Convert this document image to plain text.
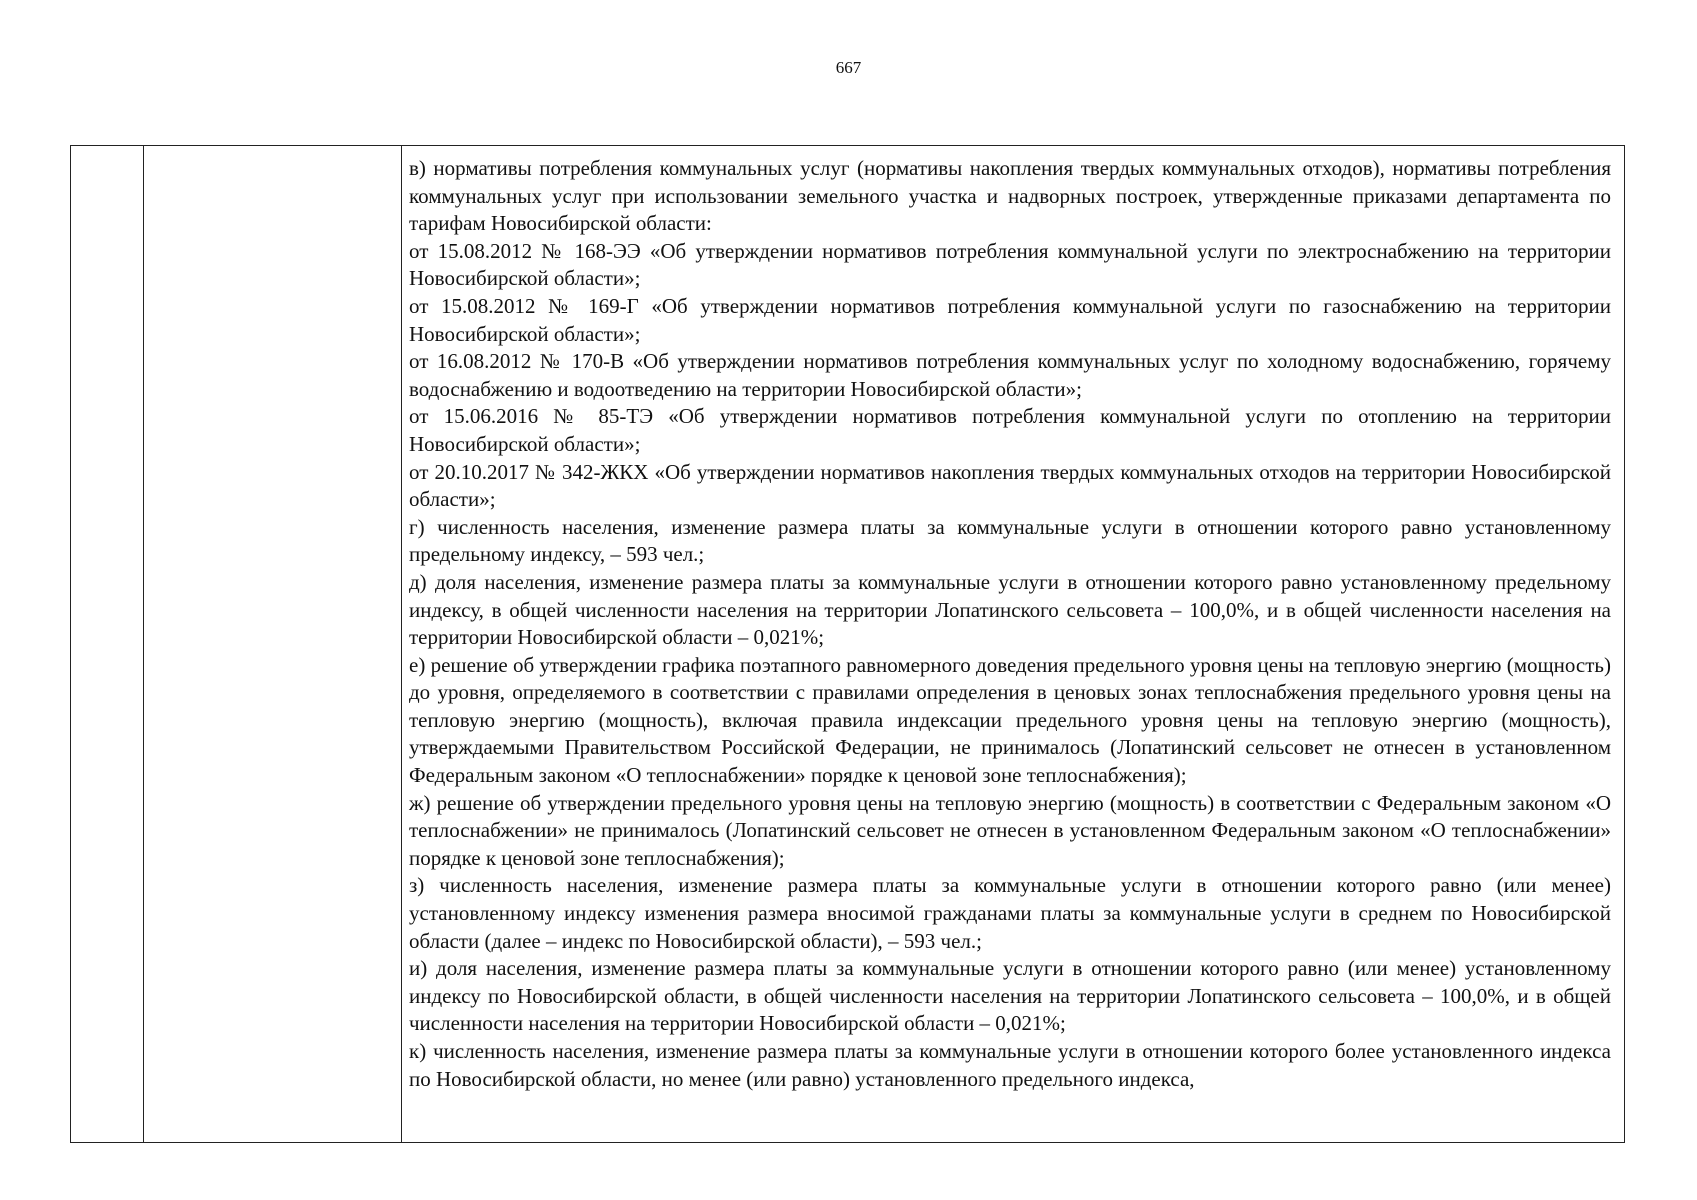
667

в) нормативы потребления коммунальных услуг (нормативы накопления твердых коммунальных отходов), нормативы потребления коммунальных услуг при использовании земельного участка и надворных построек, утвержденные приказами департамента по тарифам Новосибирской области:

от 15.08.2012 № 168-ЭЭ «Об утверждении нормативов потребления коммунальной услуги по электроснабжению на территории Новосибирской области»;

от 15.08.2012 № 169-Г «Об утверждении нормативов потребления коммунальной услуги по газоснабжению на территории Новосибирской области»;

от 16.08.2012 № 170-В «Об утверждении нормативов потребления коммунальных услуг по холодному водоснабжению, горячему водоснабжению и водоотведению на территории Новосибирской области»;

от 15.06.2016 № 85-ТЭ «Об утверждении нормативов потребления коммунальной услуги по отоплению на территории Новосибирской области»;

от 20.10.2017 № 342-ЖКХ «Об утверждении нормативов накопления твердых коммунальных отходов на территории Новосибирской области»;

г) численность населения, изменение размера платы за коммунальные услуги в отношении которого равно установленному предельному индексу, – 593 чел.;

д) доля населения, изменение размера платы за коммунальные услуги в отношении которого равно установленному предельному индексу, в общей численности населения на территории Лопатинского сельсовета – 100,0%, и в общей численности населения на территории Новосибирской области – 0,021%;

е) решение об утверждении графика поэтапного равномерного доведения предельного уровня цены на тепловую энергию (мощность) до уровня, определяемого в соответствии с правилами определения в ценовых зонах теплоснабжения предельного уровня цены на тепловую энергию (мощность), включая правила индексации предельного уровня цены на тепловую энергию (мощность), утверждаемыми Правительством Российской Федерации, не принималось (Лопатинский сельсовет не отнесен в установленном Федеральным законом «О теплоснабжении» порядке к ценовой зоне теплоснабжения);

ж) решение об утверждении предельного уровня цены на тепловую энергию (мощность) в соответствии с Федеральным законом «О теплоснабжении» не принималось (Лопатинский сельсовет не отнесен в установленном Федеральным законом «О теплоснабжении» порядке к ценовой зоне теплоснабжения);

з) численность населения, изменение размера платы за коммунальные услуги в отношении которого равно (или менее) установленному индексу изменения размера вносимой гражданами платы за коммунальные услуги в среднем по Новосибирской области (далее – индекс по Новосибирской области), – 593 чел.;

и) доля населения, изменение размера платы за коммунальные услуги в отношении которого равно (или менее) установленному индексу по Новосибирской области, в общей численности населения на территории Лопатинского сельсовета – 100,0%, и в общей численности населения на территории Новосибирской области – 0,021%;

к) численность населения, изменение размера платы за коммунальные услуги в отношении которого более установленного индекса по Новосибирской области, но менее (или равно) установленного предельного индекса,
